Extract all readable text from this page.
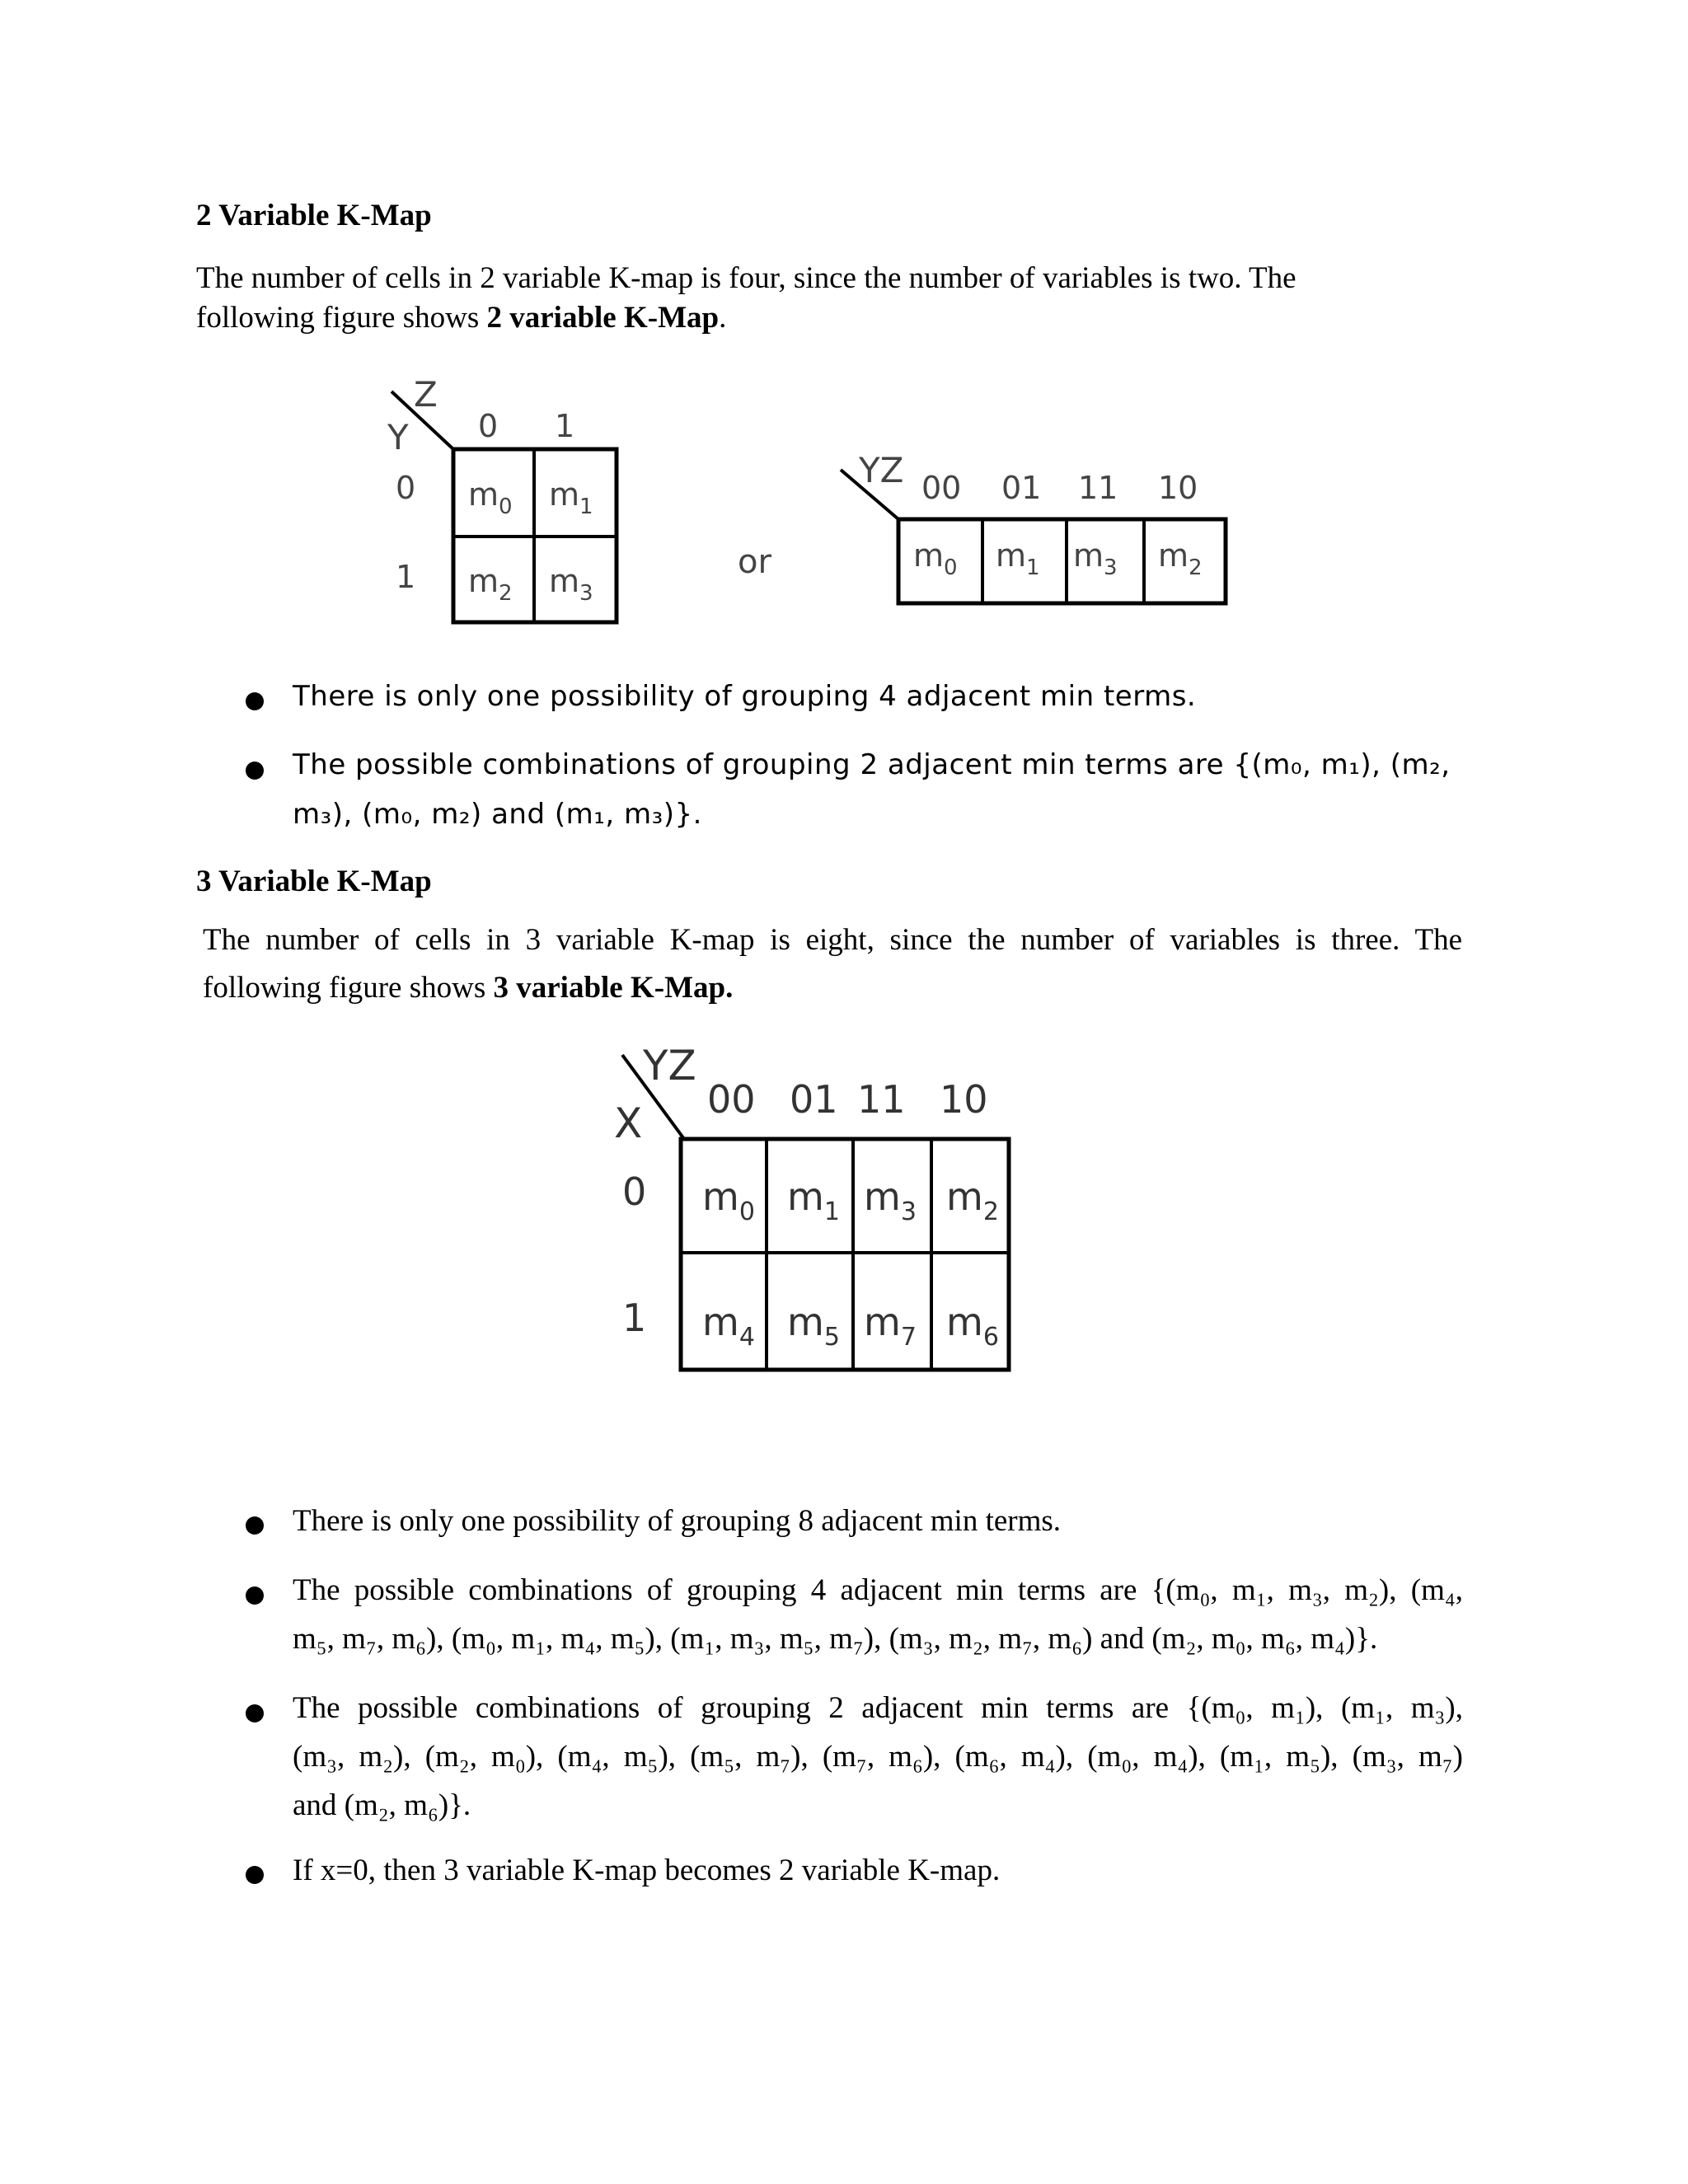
2 Variable K-Map

The number of cells in 2 variable K-map is four, since the number of variables is two. The
following figure shows 2 variable K-Map.

Z
Y 0 1
0
1
$m_0$ $m_1$
$m_2$ $m_3$
or
YZ 00 01 11 10
$m_0$ $m_1$ $m_3$ $m_2$

There is only one possibility of grouping 4 adjacent min terms.

The possible combinations of grouping 2 adjacent min terms are {(m₀, m₁), (m₂,
m₃), (m₀, m₂) and (m₁, m₃)}.

3 Variable K-Map

The number of cells in 3 variable K-map is eight, since the number of variables is three. The
following figure shows 3 variable K-Map.

YZ
X 00 01 11 10
0
1
$m_0$ $m_1$ $m_3$ $m_2$
$m_4$ $m_5$ $m_7$ $m_6$

There is only one possibility of grouping 8 adjacent min terms.

The possible combinations of grouping 4 adjacent min terms are {(m₀, m₁, m₃, m₂), (m₄,
m₅, m₇, m₆), (m₀, m₁, m₄, m₅), (m₁, m₃, m₅, m₇), (m₃, m₂, m₇, m₆) and (m₂, m₀, m₆, m₄)}.

The possible combinations of grouping 2 adjacent min terms are {(m₀, m₁), (m₁, m₃),
(m₃, m₂), (m₂, m₀), (m₄, m₅), (m₅, m₇), (m₇, m₆), (m₆, m₄), (m₀, m₄), (m₁, m₅), (m₃, m₇)
and (m₂, m₆)}.

If x=0, then 3 variable K-map becomes 2 variable K-map.
